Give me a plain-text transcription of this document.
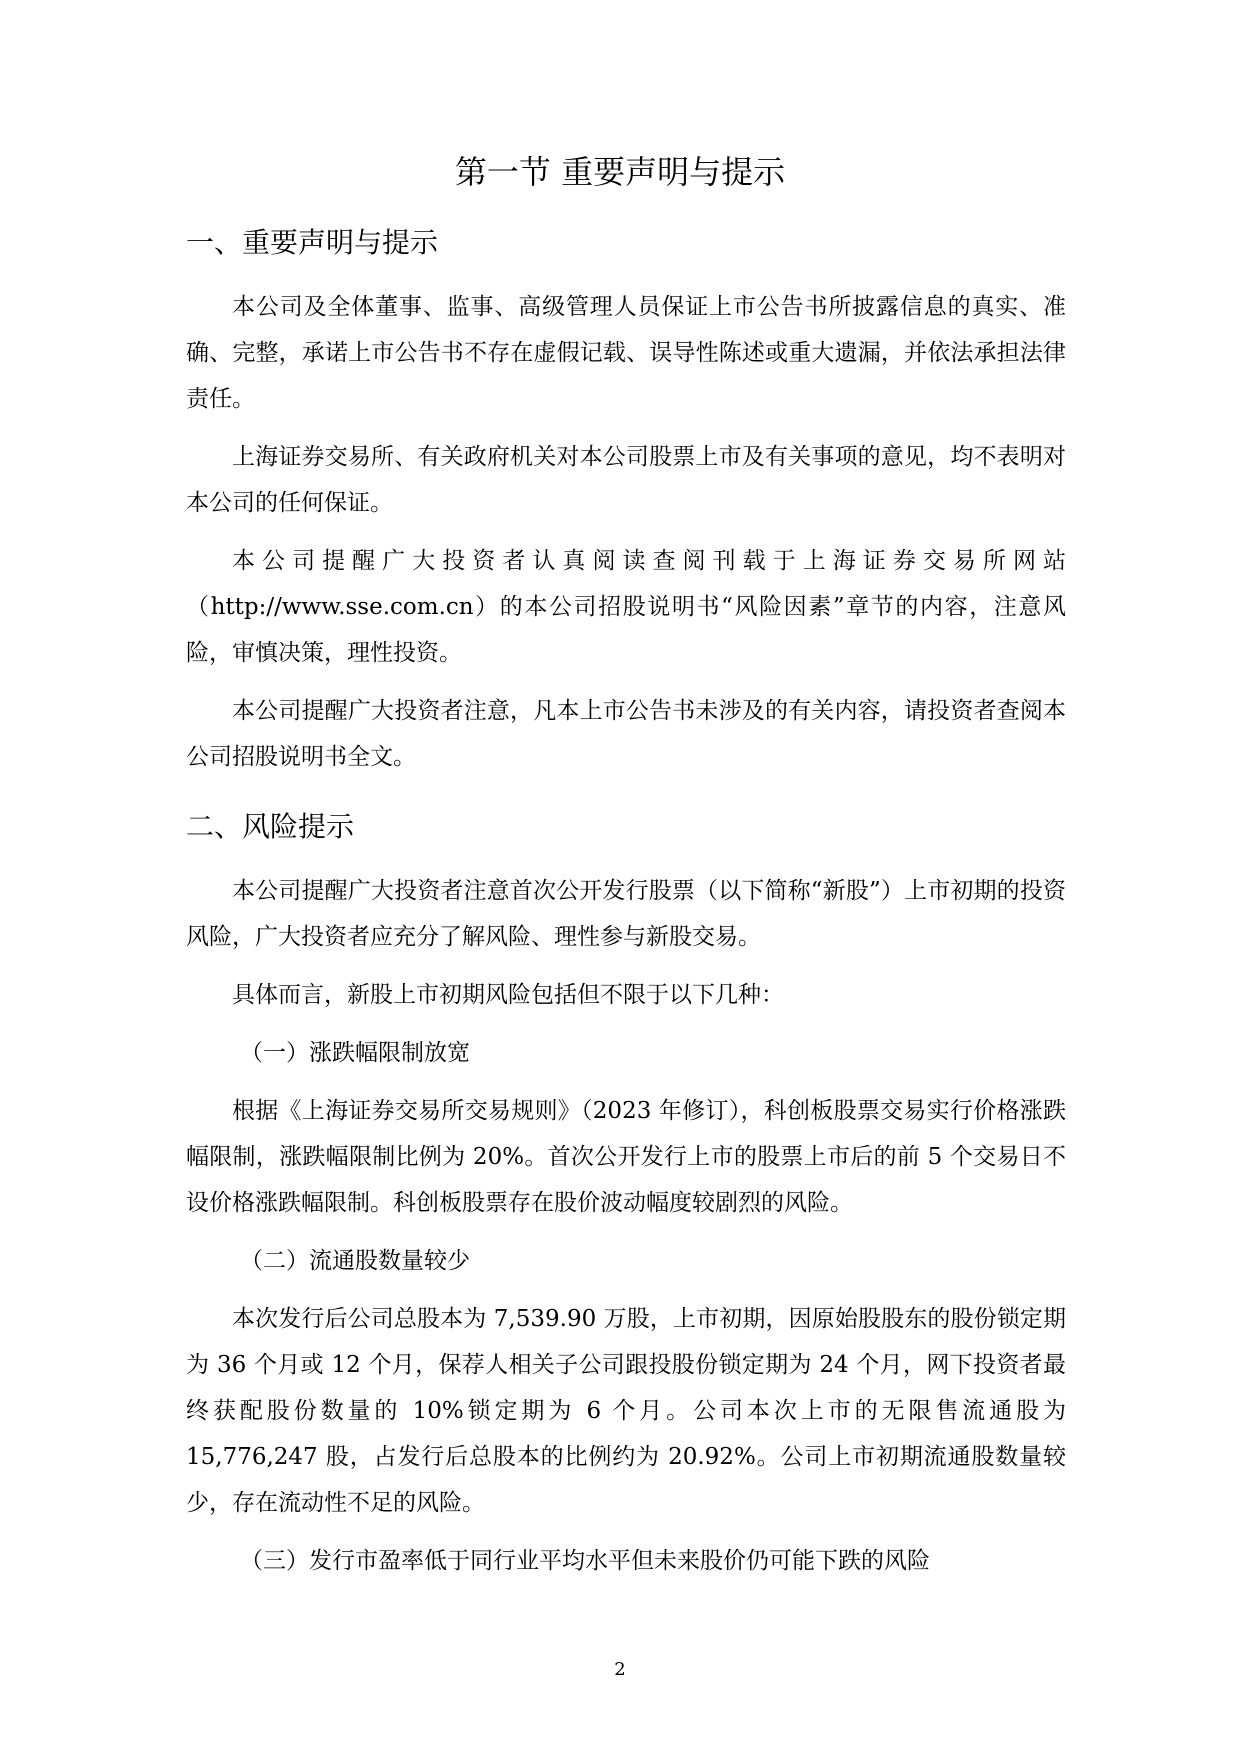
第一节 重要声明与提示
一、重要声明与提示

本公司及全体董事、监事、高级管理人员保证上市公告书所披露信息的真实、准确、完整，承诺上市公告书不存在虚假记载、误导性陈述或重大遗漏，并依法承担法律责任。

上海证券交易所、有关政府机关对本公司股票上市及有关事项的意见，均不表明对本公司的任何保证。

本公司提醒广大投资者认真阅读查阅刊载于上海证券交易所网站（http://www.sse.com.cn）的本公司招股说明书“风险因素”章节的内容，注意风险，审慎决策，理性投资。

本公司提醒广大投资者注意，凡本上市公告书未涉及的有关内容，请投资者查阅本公司招股说明书全文。

二、风险提示

本公司提醒广大投资者注意首次公开发行股票（以下简称“新股”）上市初期的投资风险，广大投资者应充分了解风险、理性参与新股交易。

具体而言，新股上市初期风险包括但不限于以下几种：

（一）涨跌幅限制放宽

根据《上海证券交易所交易规则》（2023 年修订），科创板股票交易实行价格涨跌幅限制，涨跌幅限制比例为 20%。首次公开发行上市的股票上市后的前 5 个交易日不设价格涨跌幅限制。科创板股票存在股价波动幅度较剧烈的风险。

（二）流通股数量较少

本次发行后公司总股本为 7,539.90 万股，上市初期，因原始股股东的股份锁定期为 36 个月或 12 个月，保荐人相关子公司跟投股份锁定期为 24 个月，网下投资者最终获配股份数量的 10%锁定期为 6 个月。公司本次上市的无限售流通股为 15,776,247 股，占发行后总股本的比例约为 20.92%。公司上市初期流通股数量较少，存在流动性不足的风险。

（三）发行市盈率低于同行业平均水平但未来股价仍可能下跌的风险

2
